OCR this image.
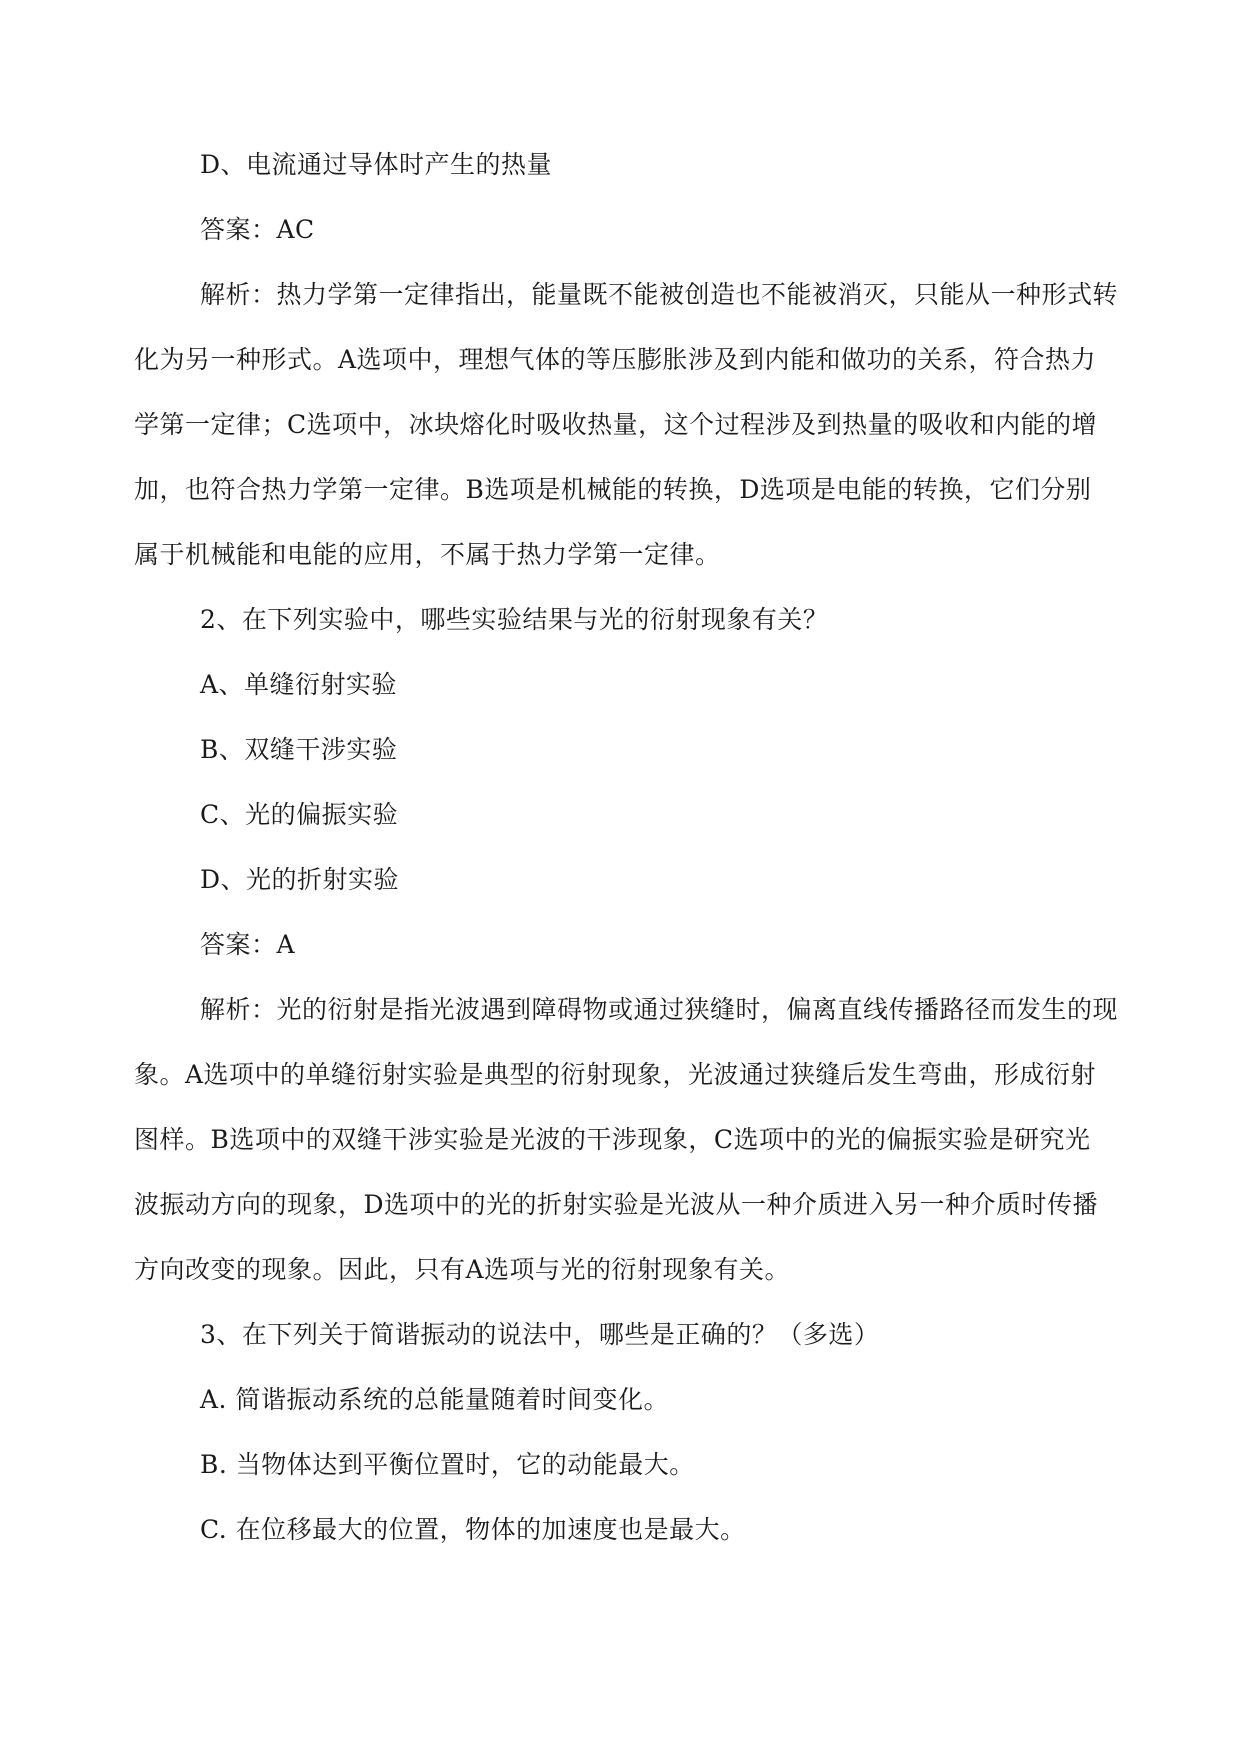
D、电流通过导体时产生的热量
答案：AC
解析：热力学第一定律指出，能量既不能被创造也不能被消灭，只能从一种形式转
化为另一种形式。A选项中，理想气体的等压膨胀涉及到内能和做功的关系，符合热力
学第一定律；C选项中，冰块熔化时吸收热量，这个过程涉及到热量的吸收和内能的增
加，也符合热力学第一定律。B选项是机械能的转换，D选项是电能的转换，它们分别
属于机械能和电能的应用，不属于热力学第一定律。
2、在下列实验中，哪些实验结果与光的衍射现象有关？
A、单缝衍射实验
B、双缝干涉实验
C、光的偏振实验
D、光的折射实验
答案：A
解析：光的衍射是指光波遇到障碍物或通过狭缝时，偏离直线传播路径而发生的现
象。A选项中的单缝衍射实验是典型的衍射现象，光波通过狭缝后发生弯曲，形成衍射
图样。B选项中的双缝干涉实验是光波的干涉现象，C选项中的光的偏振实验是研究光
波振动方向的现象，D选项中的光的折射实验是光波从一种介质进入另一种介质时传播
方向改变的现象。因此，只有A选项与光的衍射现象有关。
3、在下列关于简谐振动的说法中，哪些是正确的？（多选）
A. 简谐振动系统的总能量随着时间变化。
B. 当物体达到平衡位置时，它的动能最大。
C. 在位移最大的位置，物体的加速度也是最大。
